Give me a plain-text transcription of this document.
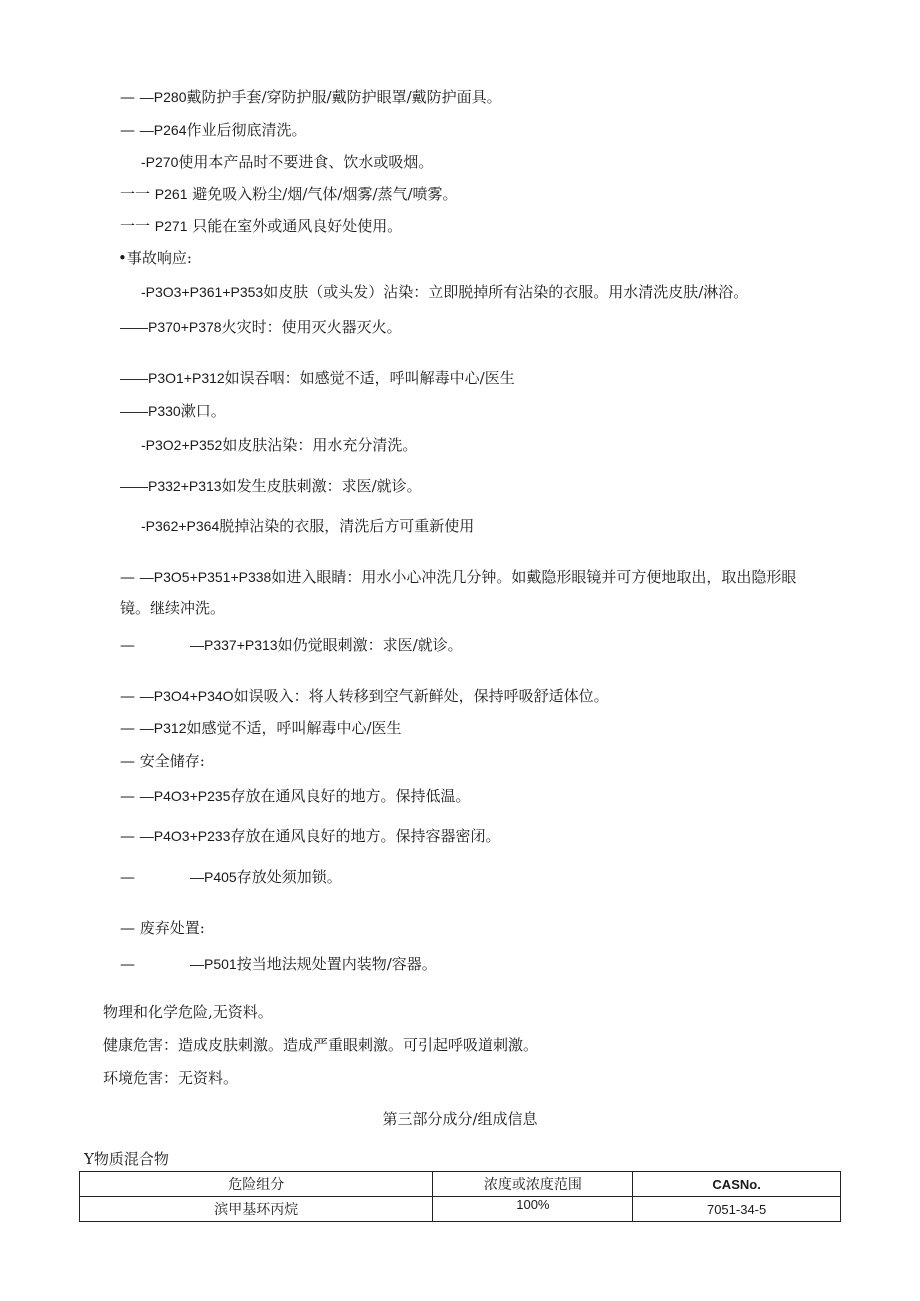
— —P280戴防护手套/穿防护服/戴防护眼罩/戴防护面具。
— —P264作业后彻底清洗。
-P270使用本产品时不要进食、饮水或吸烟。
一一 P261 避免吸入粉尘/烟/气体/烟雾/蒸气/喷雾。
一一 P271 只能在室外或通风良好处使用。
•事故响应:
-P3O3+P361+P353如皮肤（或头发）沾染：立即脱掉所有沾染的衣服。用水清洗皮肤/淋浴。
——P370+P378火灾时：使用灭火器灭火。
——P3O1+P312如误吞咽：如感觉不适，呼叫解毒中心/医生
——P330漱口。
-P3O2+P352如皮肤沾染：用水充分清洗。
——P332+P313如发生皮肤刺激：求医/就诊。
-P362+P364脱掉沾染的衣服，清洗后方可重新使用
— —P3O5+P351+P338如进入眼睛：用水小心冲洗几分钟。如戴隐形眼镜并可方便地取出，取出隐形眼
镜。继续冲洗。
—	—P337+P313如仍觉眼刺激：求医/就诊。
— —P3O4+P34O如误吸入：将人转移到空气新鲜处，保持呼吸舒适体位。
— —P312如感觉不适，呼叫解毒中心/医生
— 安全储存:
— —P4O3+P235存放在通风良好的地方。保持低温。
— —P4O3+P233存放在通风良好的地方。保持容器密闭。
—	—P405存放处须加锁。
— 废弃处置:
—	—P501按当地法规处置内装物/容器。
物理和化学危险,无资料。
健康危害：造成皮肤刺激。造成严重眼刺激。可引起呼吸道刺激。
环境危害：无资料。
第三部分成分/组成信息
Y物质混合物
危险组分	浓度或浓度范围	CASNo.
滨甲基环丙烷	100%	7051-34-5
